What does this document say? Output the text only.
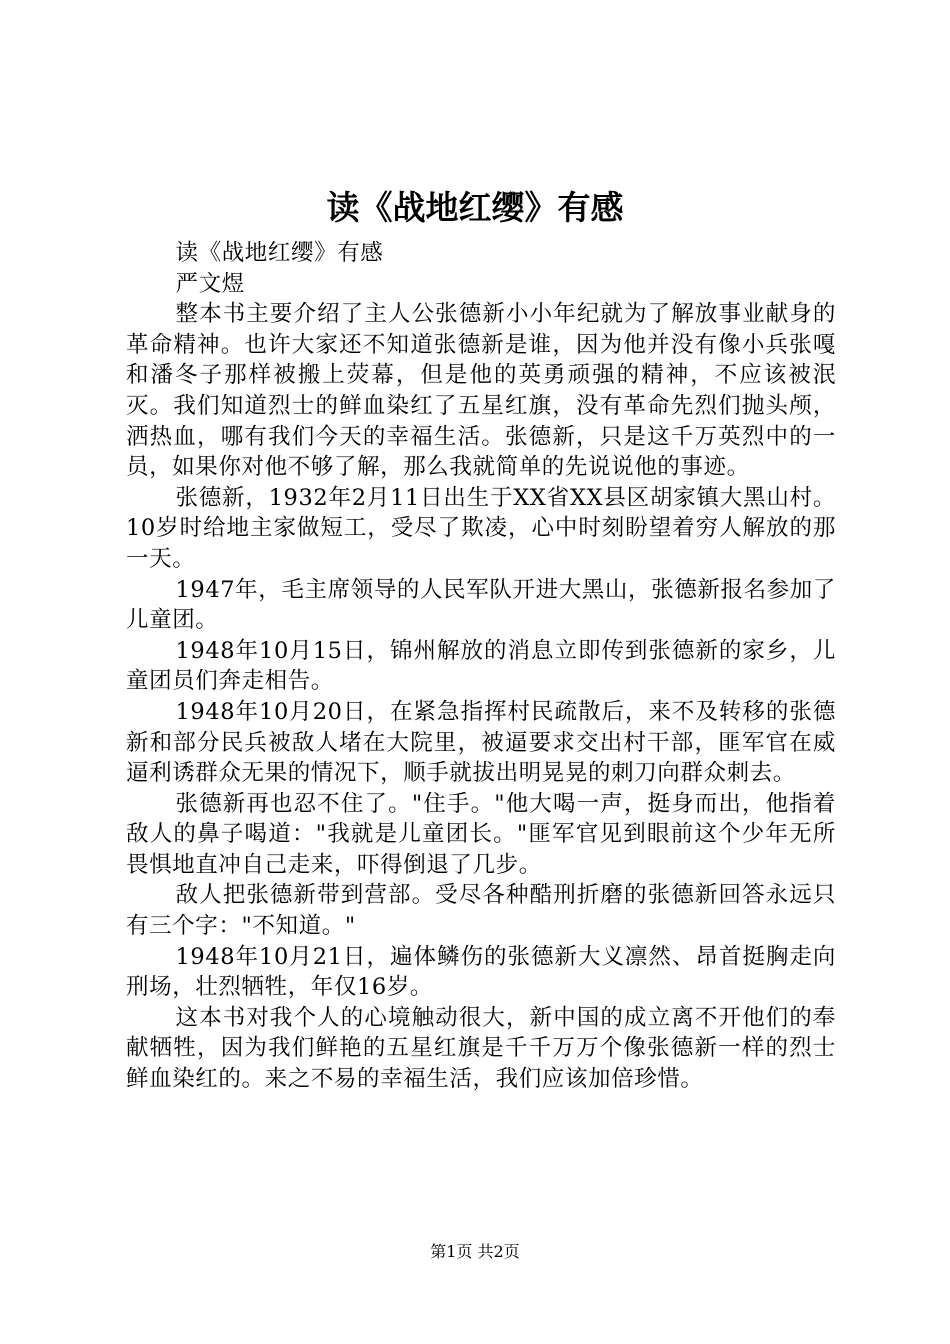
读《战地红缨》有感

读《战地红缨》有感

严文煜

整本书主要介绍了主人公张德新小小年纪就为了解放事业献身的革命精神。也许大家还不知道张德新是谁，因为他并没有像小兵张嘎和潘冬子那样被搬上荧幕，但是他的英勇顽强的精神，不应该被泯灭。我们知道烈士的鲜血染红了五星红旗，没有革命先烈们抛头颅，洒热血，哪有我们今天的幸福生活。张德新，只是这千万英烈中的一员，如果你对他不够了解，那么我就简单的先说说他的事迹。

张德新，1932年2月11日出生于XX省XX县区胡家镇大黑山村。10岁时给地主家做短工，受尽了欺凌，心中时刻盼望着穷人解放的那一天。

1947年，毛主席领导的人民军队开进大黑山，张德新报名参加了儿童团。

1948年10月15日，锦州解放的消息立即传到张德新的家乡，儿童团员们奔走相告。

1948年10月20日，在紧急指挥村民疏散后，来不及转移的张德新和部分民兵被敌人堵在大院里，被逼要求交出村干部，匪军官在威逼利诱群众无果的情况下，顺手就拔出明晃晃的刺刀向群众刺去。

张德新再也忍不住了。"住手。"他大喝一声，挺身而出，他指着敌人的鼻子喝道："我就是儿童团长。"匪军官见到眼前这个少年无所畏惧地直冲自己走来，吓得倒退了几步。

敌人把张德新带到营部。受尽各种酷刑折磨的张德新回答永远只有三个字："不知道。"

1948年10月21日，遍体鳞伤的张德新大义凛然、昂首挺胸走向刑场，壮烈牺牲，年仅16岁。

这本书对我个人的心境触动很大，新中国的成立离不开他们的奉献牺牲，因为我们鲜艳的五星红旗是千千万万个像张德新一样的烈士鲜血染红的。来之不易的幸福生活，我们应该加倍珍惜。

第1页 共2页
